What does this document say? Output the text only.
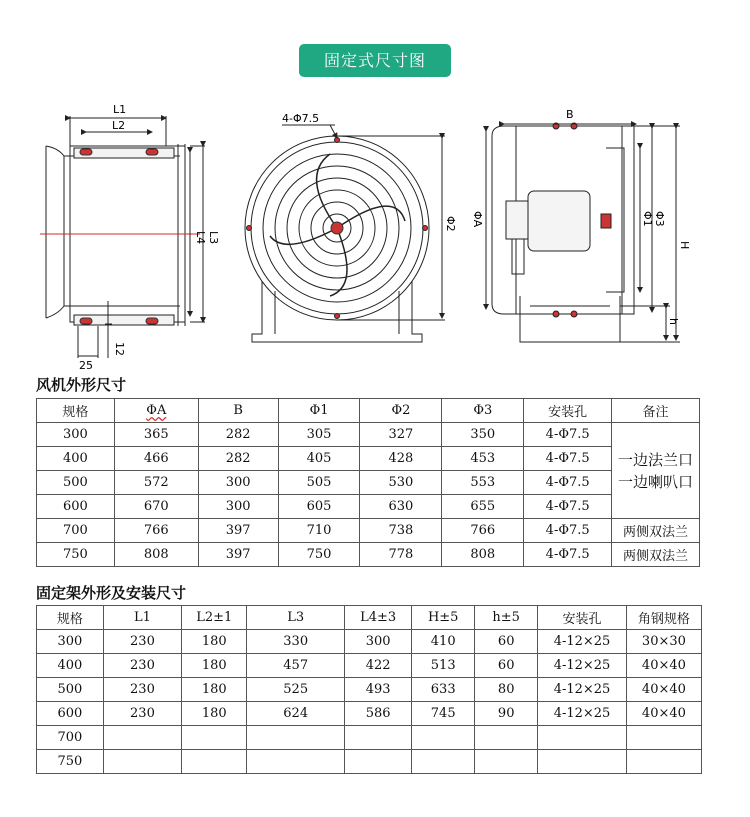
固定式尺寸图
L1
L2
L4 L3
25
12
4-Φ7.5
Φ2
B
ΦA	Φ1 Φ3
H
h
风机外形尺寸
规格	ΦA	B	Φ1	Φ2	Φ3	安装孔	备注
300	365	282	305	327	350	4-Φ7.5	一边法兰口
一边喇叭口

400	466	282	405	428	453	4-Φ7.5	
500	572	300	505	530	553	4-Φ7.5	
600	670	300	605	630	655	4-Φ7.5	
700	766	397	710	738	766	4-Φ7.5	两侧双法兰
750	808	397	750	778	808	4-Φ7.5	两侧双法兰
固定架外形及安装尺寸
规格	L1	L2±1	L3	L4±3	H±5	h±5	安装孔	角钢规格
300	230	180	330	300	410	60	4-12×25	30×30
400	230	180	457	422	513	60	4-12×25	40×40
500	230	180	525	493	633	80	4-12×25	40×40
600	230	180	624	586	745	90	4-12×25	40×40
700								
750								
